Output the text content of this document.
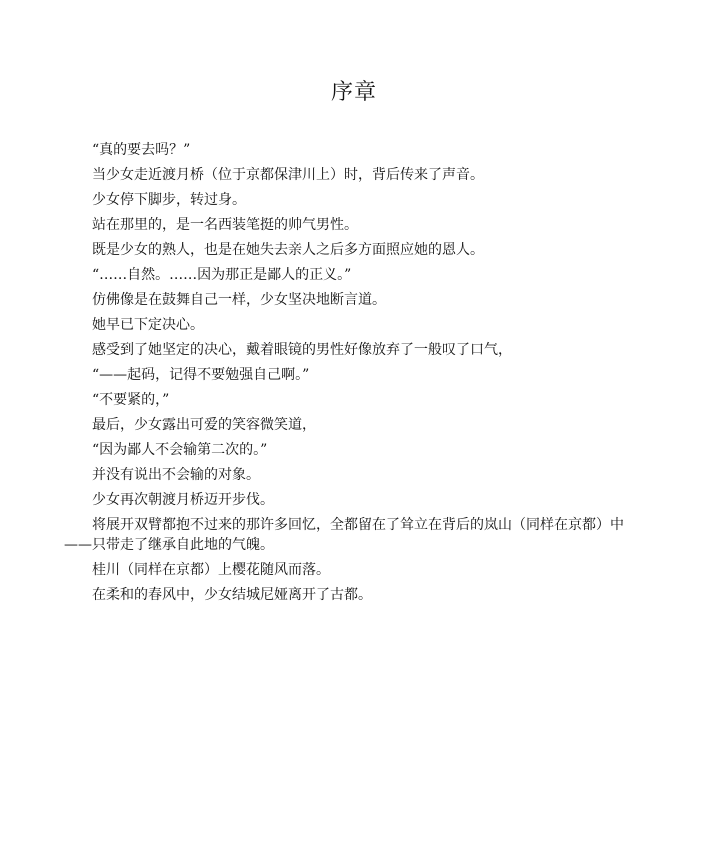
序章

“真的要去吗？”

当少女走近渡月桥（位于京都保津川上）时，背后传来了声音。

少女停下脚步，转过身。

站在那里的，是一名西装笔挺的帅气男性。

既是少女的熟人，也是在她失去亲人之后多方面照应她的恩人。

“……自然。……因为那正是鄙人的正义。”

仿佛像是在鼓舞自己一样，少女坚决地断言道。

她早已下定决心。

感受到了她坚定的决心，戴着眼镜的男性好像放弃了一般叹了口气，

“——起码，记得不要勉强自己啊。”

“不要紧的，”

最后，少女露出可爱的笑容微笑道，

“因为鄙人不会输第二次的。”

并没有说出不会输的对象。

少女再次朝渡月桥迈开步伐。

将展开双臂都抱不过来的那许多回忆，全都留在了耸立在背后的岚山（同样在京都）中——只带走了继承自此地的气魄。

桂川（同样在京都）上樱花随风而落。

在柔和的春风中，少女结城尼娅离开了古都。
